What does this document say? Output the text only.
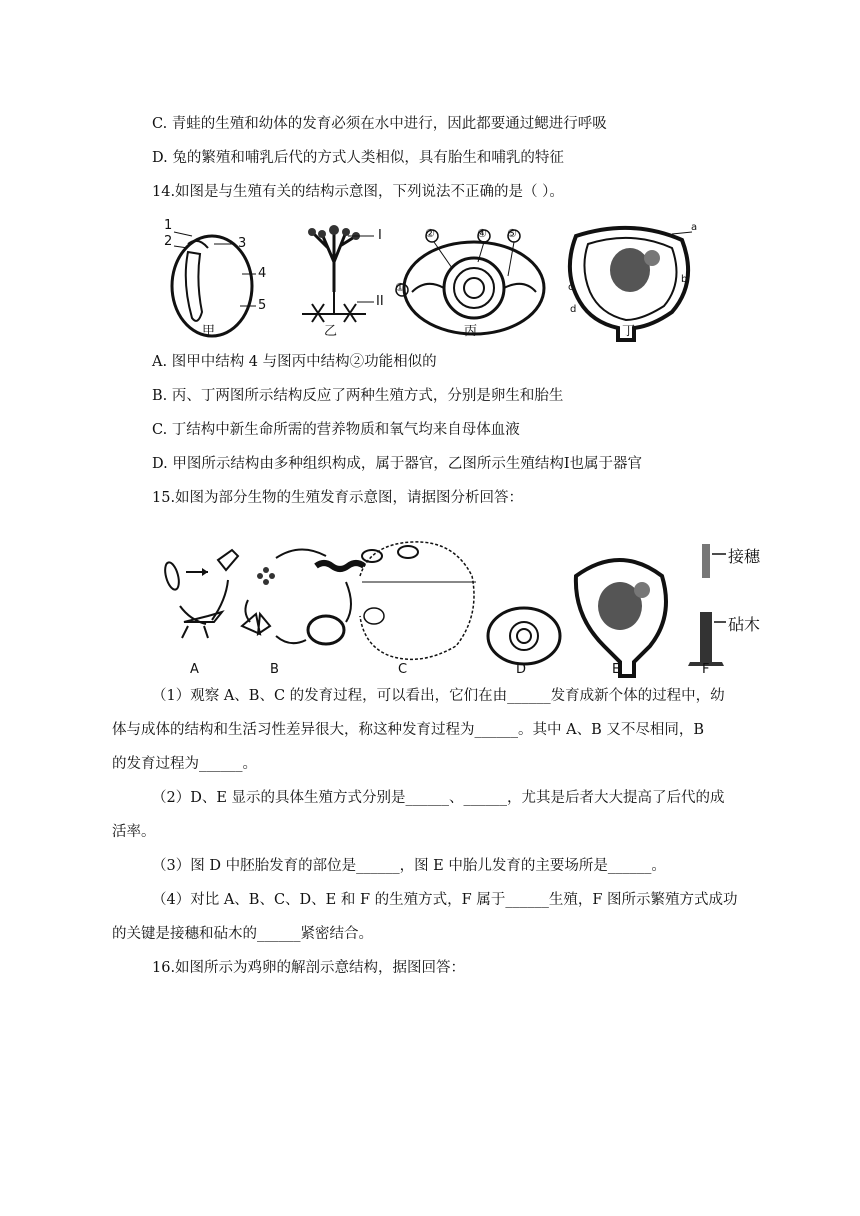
C. 青蛙的生殖和幼体的发育必须在水中进行，因此都要通过鳃进行呼吸
D. 兔的繁殖和哺乳后代的方式人类相似，具有胎生和哺乳的特征
14.如图是与生殖有关的结构示意图，下列说法不正确的是（ ）。
1
2	3
4
5
I
II
①
②	④ ⑤	a
b
c
d
甲	乙	丙	丁
A. 图甲中结构 4 与图丙中结构②功能相似的
B. 丙、丁两图所示结构反应了两种生殖方式，分别是卵生和胎生
C. 丁结构中新生命所需的营养物质和氧气均来自母体血液
D. 甲图所示结构由多种组织构成，属于器官，乙图所示生殖结构Ⅰ也属于器官
15.如图为部分生物的生殖发育示意图，请据图分析回答：
接穗
砧木
A	B	C	D	E	F
（1）观察 A、B、C 的发育过程，可以看出，它们在由______发育成新个体的过程中，幼
体与成体的结构和生活习性差异很大，称这种发育过程为______。其中 A、B 又不尽相同，B
的发育过程为______。
（2）D、E 显示的具体生殖方式分别是______、______，尤其是后者大大提高了后代的成
活率。
（3）图 D 中胚胎发育的部位是______，图 E 中胎儿发育的主要场所是______。
（4）对比 A、B、C、D、E 和 F 的生殖方式，F 属于______生殖，F 图所示繁殖方式成功
的关键是接穗和砧木的______紧密结合。
16.如图所示为鸡卵的解剖示意结构，据图回答：
